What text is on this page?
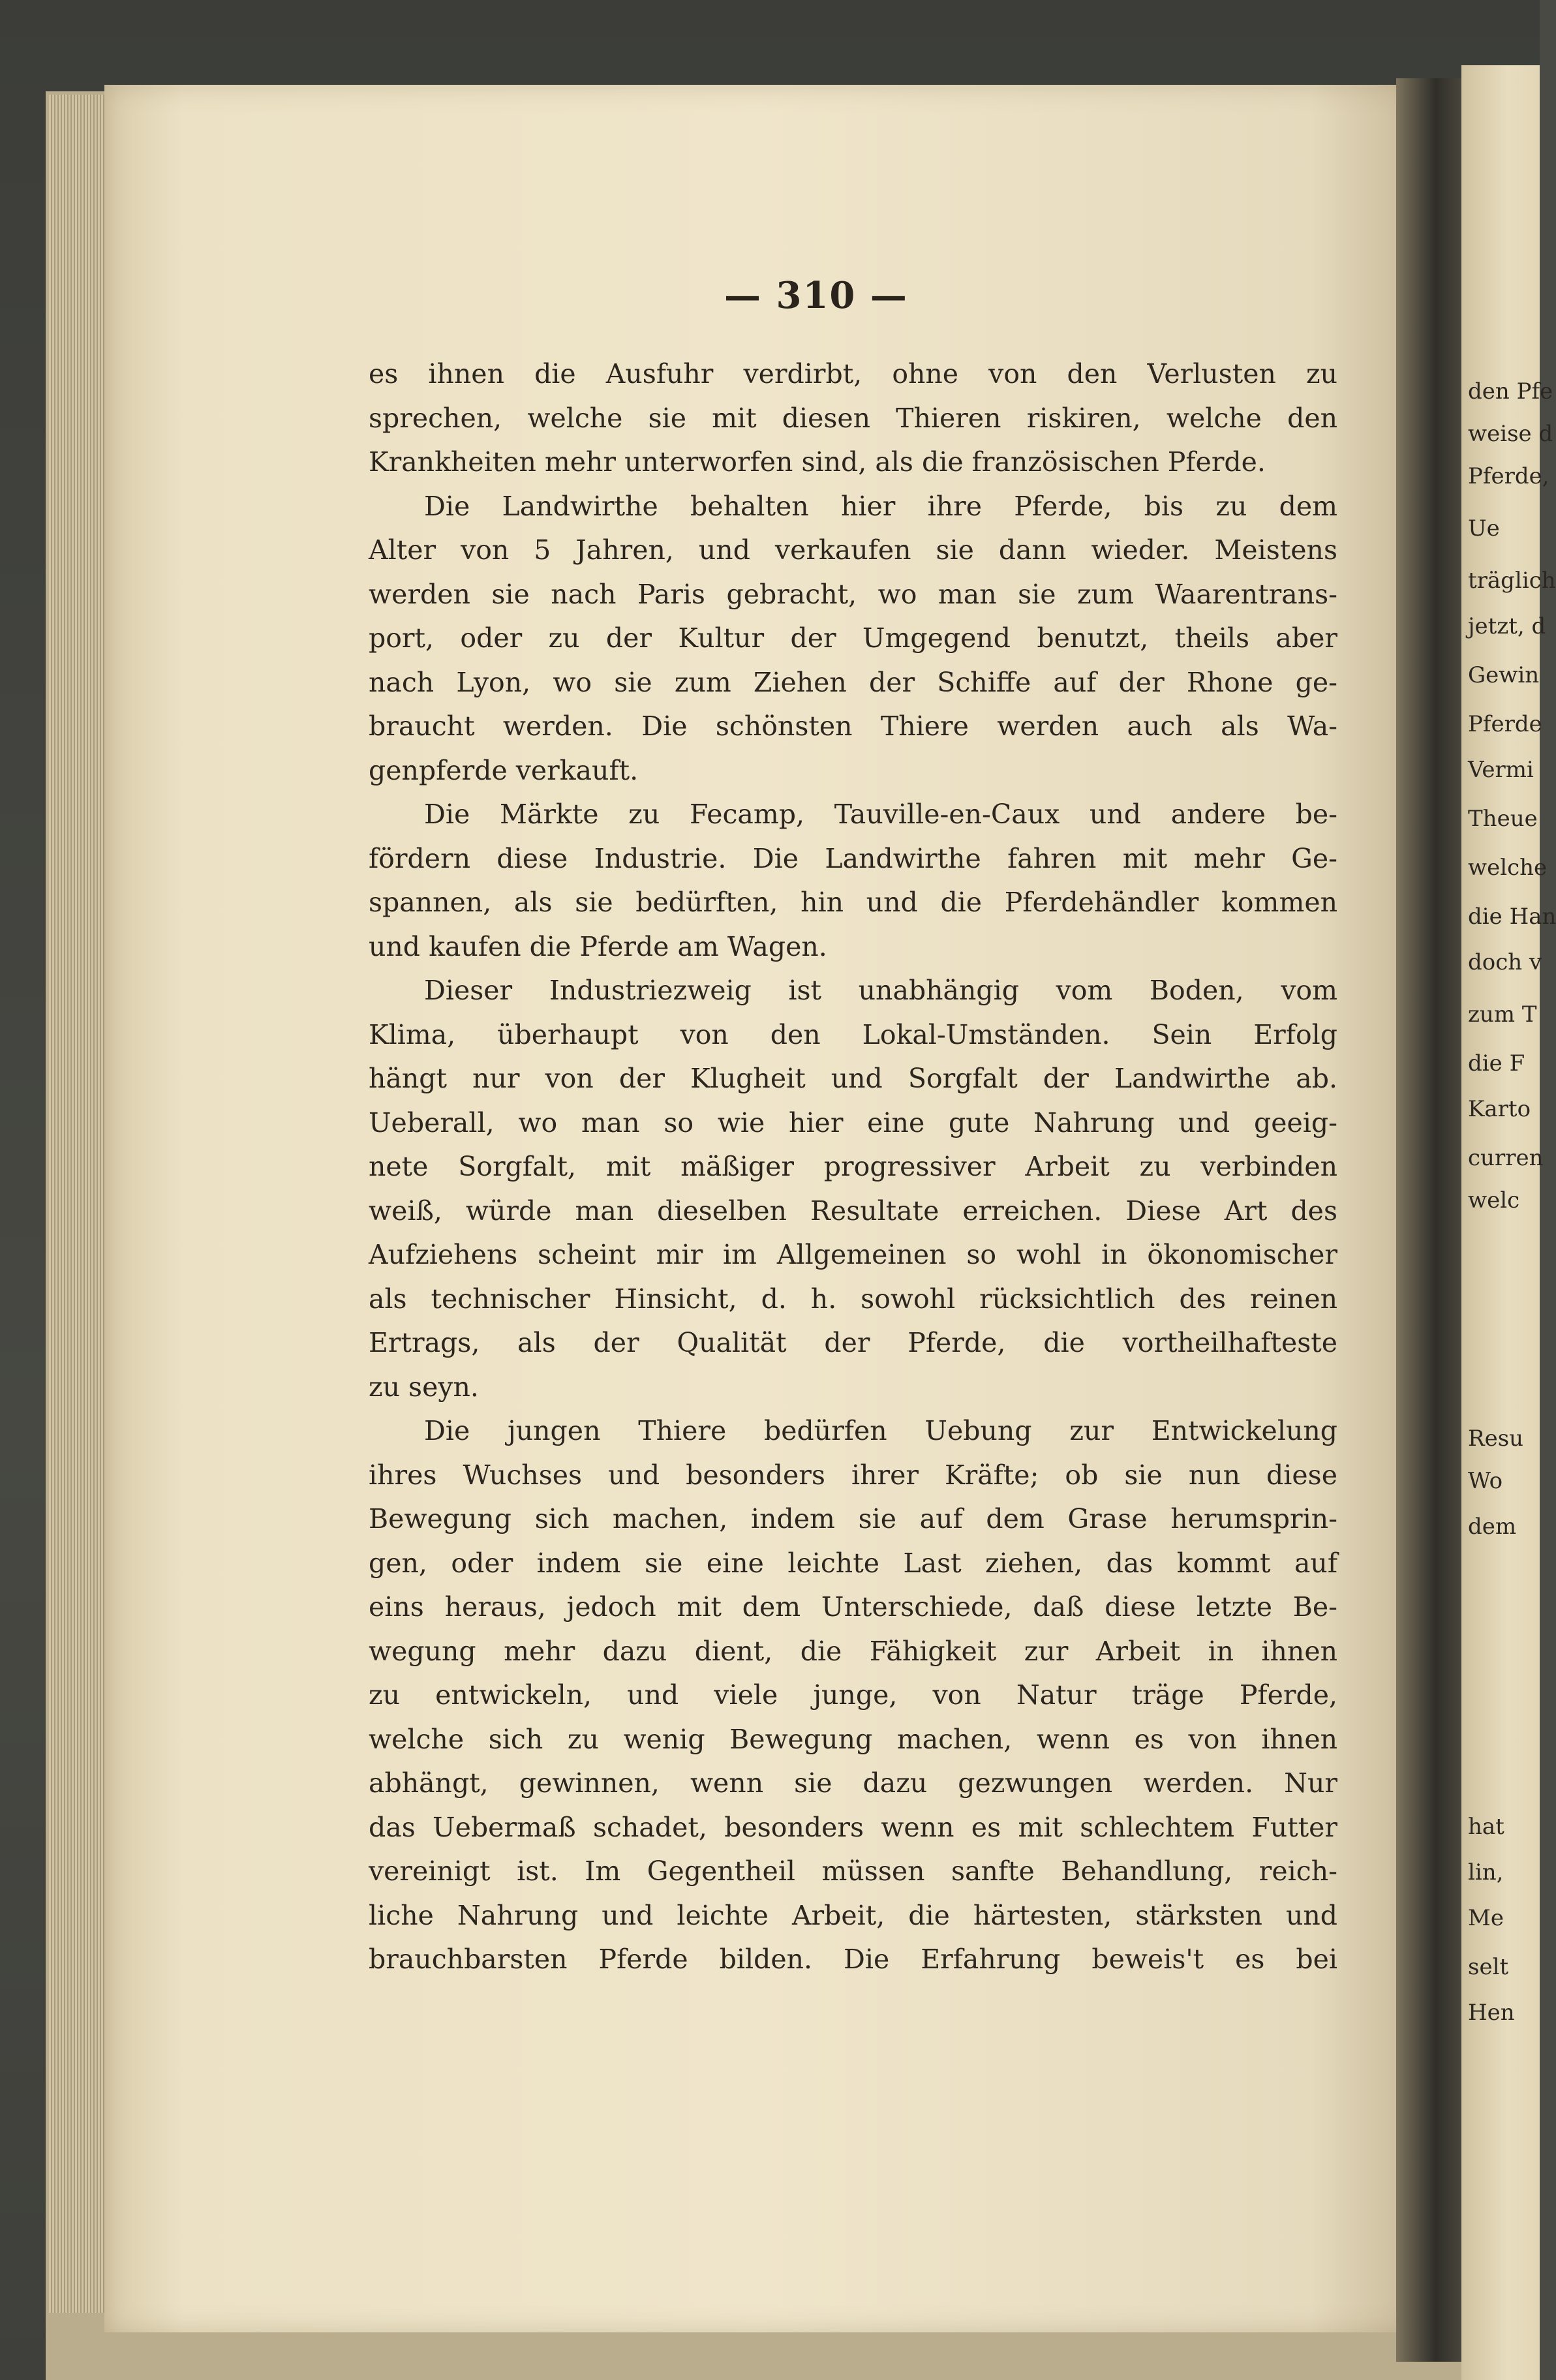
den Pfe
weise d
Pferde,
Ue
träglich
jetzt, d
Gewin
Pferde
Vermi
Theue
welche
die Han
doch v
zum T
die F
Karto
curren
welc
Resu
Wo
dem
hat
lin,
Me
selt
Hen
— 310 —
es ihnen die Ausfuhr verdirbt, ohne von den Verlusten zu
sprechen, welche sie mit diesen Thieren riskiren, welche den
Krankheiten mehr unterworfen sind, als die französischen Pferde.
Die Landwirthe behalten hier ihre Pferde, bis zu dem
Alter von 5 Jahren, und verkaufen sie dann wieder. Meistens
werden sie nach Paris gebracht, wo man sie zum Waarentrans-
port, oder zu der Kultur der Umgegend benutzt, theils aber
nach Lyon, wo sie zum Ziehen der Schiffe auf der Rhone ge-
braucht werden. Die schönsten Thiere werden auch als Wa-
genpferde verkauft.
Die Märkte zu Fecamp, Tauville-en-Caux und andere be-
fördern diese Industrie. Die Landwirthe fahren mit mehr Ge-
spannen, als sie bedürften, hin und die Pferdehändler kommen
und kaufen die Pferde am Wagen.
Dieser Industriezweig ist unabhängig vom Boden, vom
Klima, überhaupt von den Lokal-Umständen. Sein Erfolg
hängt nur von der Klugheit und Sorgfalt der Landwirthe ab.
Ueberall, wo man so wie hier eine gute Nahrung und geeig-
nete Sorgfalt, mit mäßiger progressiver Arbeit zu verbinden
weiß, würde man dieselben Resultate erreichen. Diese Art des
Aufziehens scheint mir im Allgemeinen so wohl in ökonomischer
als technischer Hinsicht, d. h. sowohl rücksichtlich des reinen
Ertrags, als der Qualität der Pferde, die vortheilhafteste
zu seyn.
Die jungen Thiere bedürfen Uebung zur Entwickelung
ihres Wuchses und besonders ihrer Kräfte; ob sie nun diese
Bewegung sich machen, indem sie auf dem Grase herumsprin-
gen, oder indem sie eine leichte Last ziehen, das kommt auf
eins heraus, jedoch mit dem Unterschiede, daß diese letzte Be-
wegung mehr dazu dient, die Fähigkeit zur Arbeit in ihnen
zu entwickeln, und viele junge, von Natur träge Pferde,
welche sich zu wenig Bewegung machen, wenn es von ihnen
abhängt, gewinnen, wenn sie dazu gezwungen werden. Nur
das Uebermaß schadet, besonders wenn es mit schlechtem Futter
vereinigt ist. Im Gegentheil müssen sanfte Behandlung, reich-
liche Nahrung und leichte Arbeit, die härtesten, stärksten und
brauchbarsten Pferde bilden. Die Erfahrung beweis't es bei
